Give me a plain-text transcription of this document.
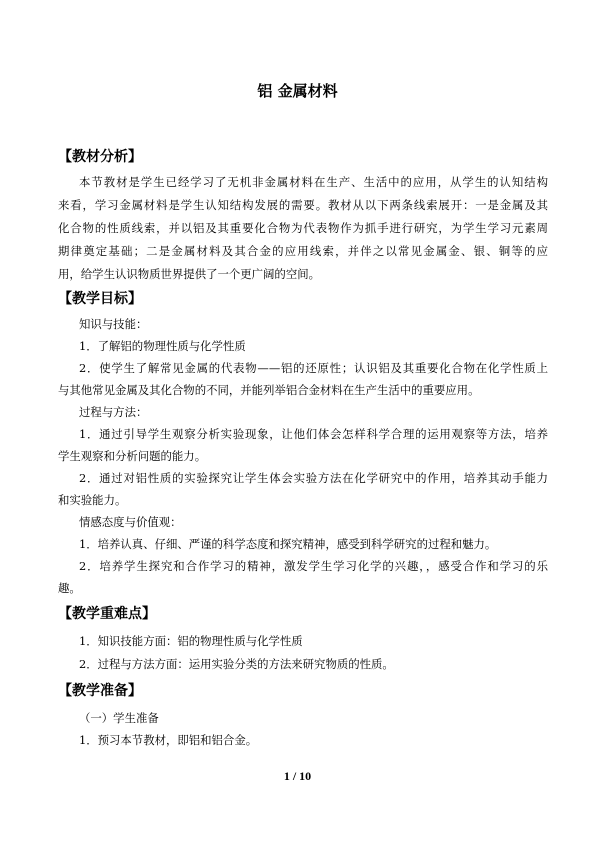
铝 金属材料
【教材分析】
本节教材是学生已经学习了无机非金属材料在生产、生活中的应用，从学生的认知结构
来看，学习金属材料是学生认知结构发展的需要。教材从以下两条线索展开：一是金属及其
化合物的性质线索，并以铝及其重要化合物为代表物作为抓手进行研究，为学生学习元素周
期律奠定基础；二是金属材料及其合金的应用线索，并伴之以常见金属金、银、铜等的应
用，给学生认识物质世界提供了一个更广阔的空间。
【教学目标】
知识与技能：
1．了解铝的物理性质与化学性质
2．使学生了解常见金属的代表物——铝的还原性；认识铝及其重要化合物在化学性质上
与其他常见金属及其化合物的不同，并能列举铝合金材料在生产生活中的重要应用。
过程与方法：
1．通过引导学生观察分析实验现象，让他们体会怎样科学合理的运用观察等方法，培养
学生观察和分析问题的能力。
2．通过对铝性质的实验探究让学生体会实验方法在化学研究中的作用，培养其动手能力
和实验能力。
情感态度与价值观：
1．培养认真、仔细、严谨的科学态度和探究精神，感受到科学研究的过程和魅力。
2．培养学生探究和合作学习的精神，激发学生学习化学的兴趣，，感受合作和学习的乐
趣。
【教学重难点】
1．知识技能方面：铝的物理性质与化学性质
2．过程与方法方面：运用实验分类的方法来研究物质的性质。
【教学准备】
（一）学生准备
1．预习本节教材，即铝和铝合金。
1 / 10
